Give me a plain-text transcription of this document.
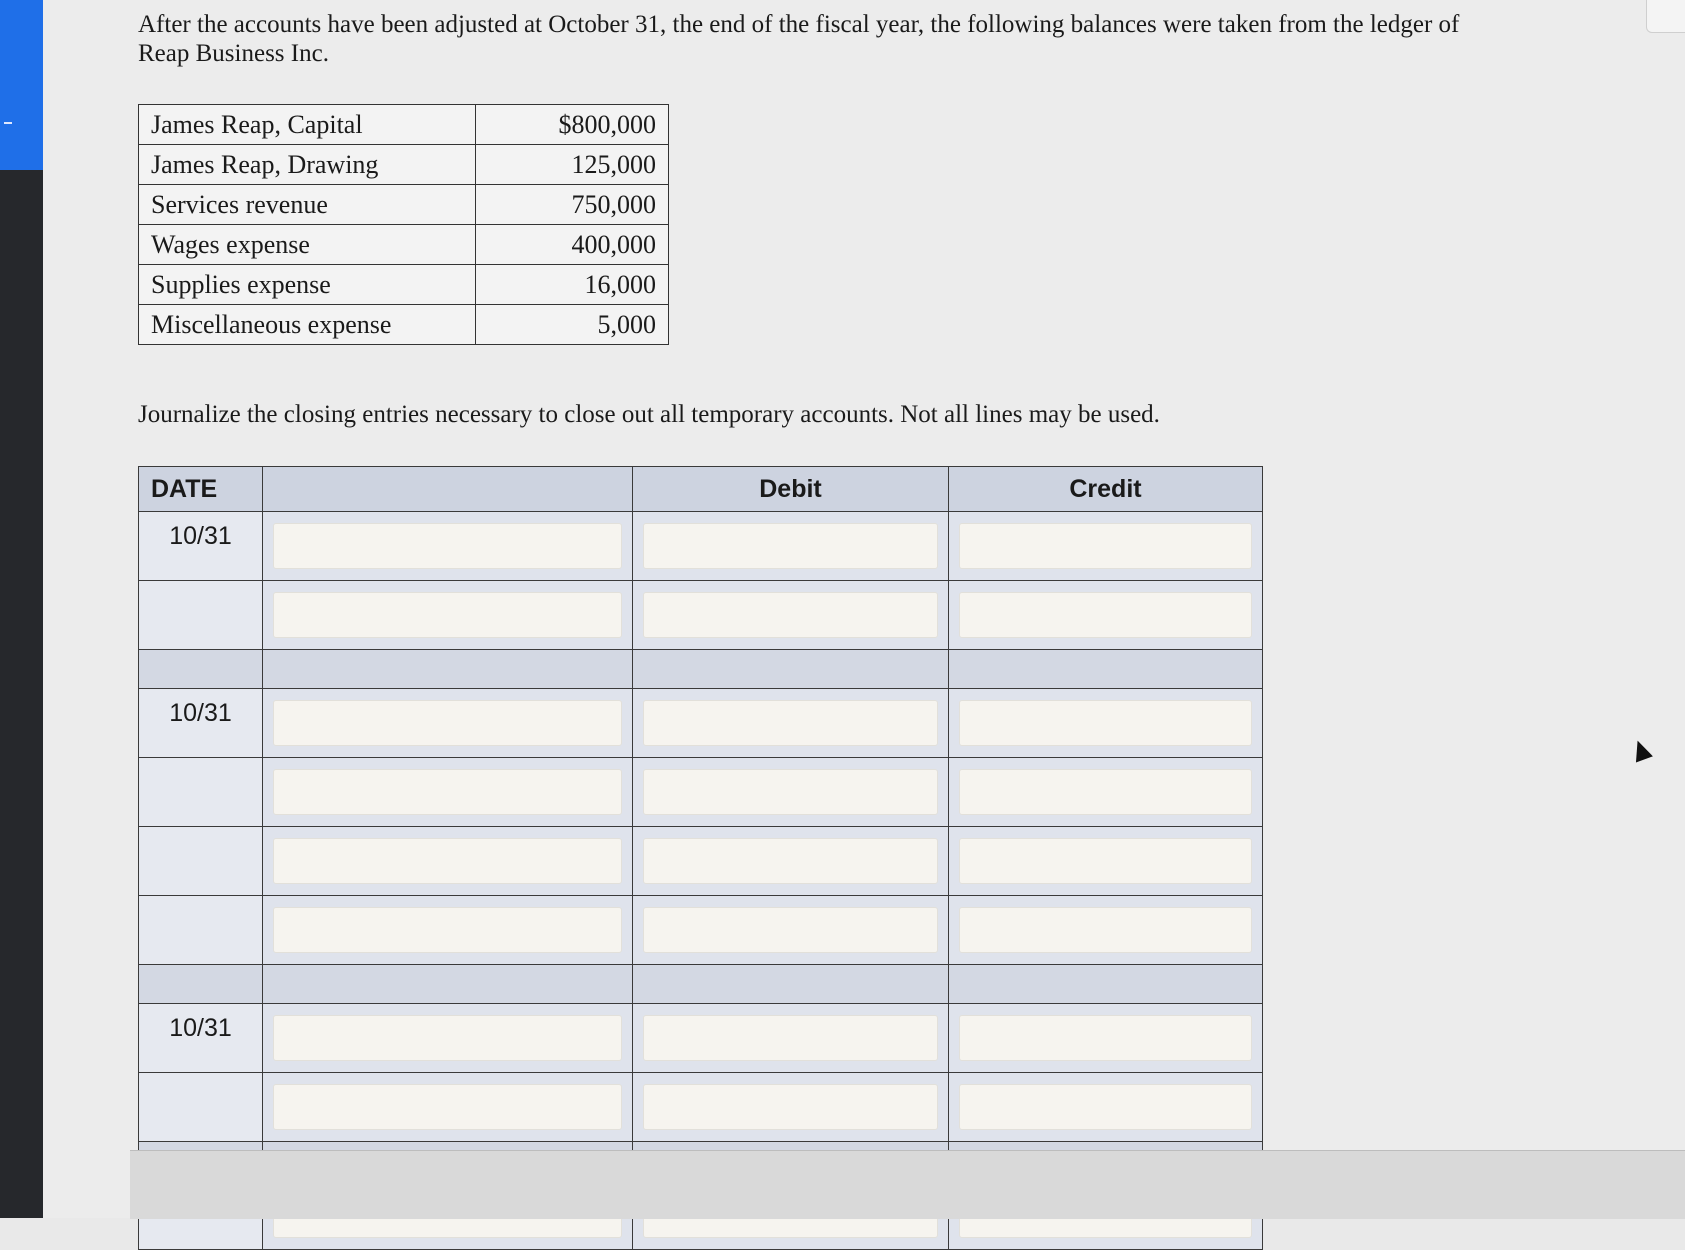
After the accounts have been adjusted at October 31, the end of the fiscal year, the following balances were taken from the ledger of Reap Business Inc.
James Reap, Capital	$800,000
James Reap, Drawing	125,000
Services revenue	750,000
Wages expense	400,000
Supplies expense	16,000
Miscellaneous expense	5,000
Journalize the closing entries necessary to close out all temporary accounts. Not all lines may be used.
DATE		Debit	Credit
10/31	

10/31	

10/31	
